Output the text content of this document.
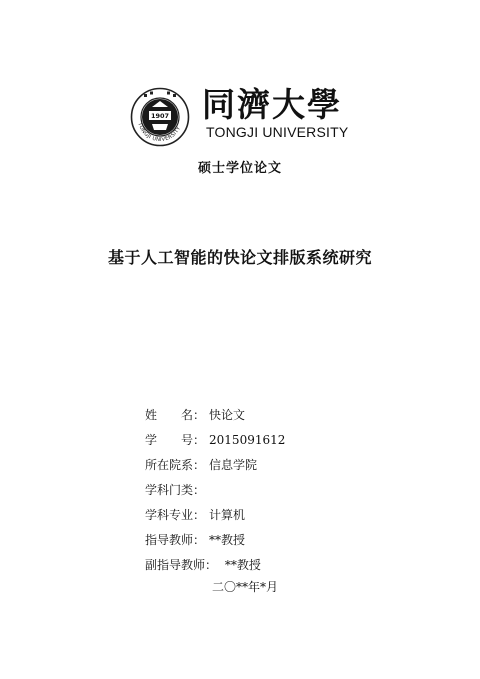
TONGJI UNIVERSITY
1907 同濟大學
TONGJI UNIVERSITY
硕士学位论文
基于人工智能的快论文排版系统研究
姓　　名 ： 快论文
学　　号 ： 2015091612
所在院系 ： 信息学院
学科门类 ：
学科专业 ： 计算机
指导教师 ： **教授
副指导教师 ： **教授
二〇**年*月
